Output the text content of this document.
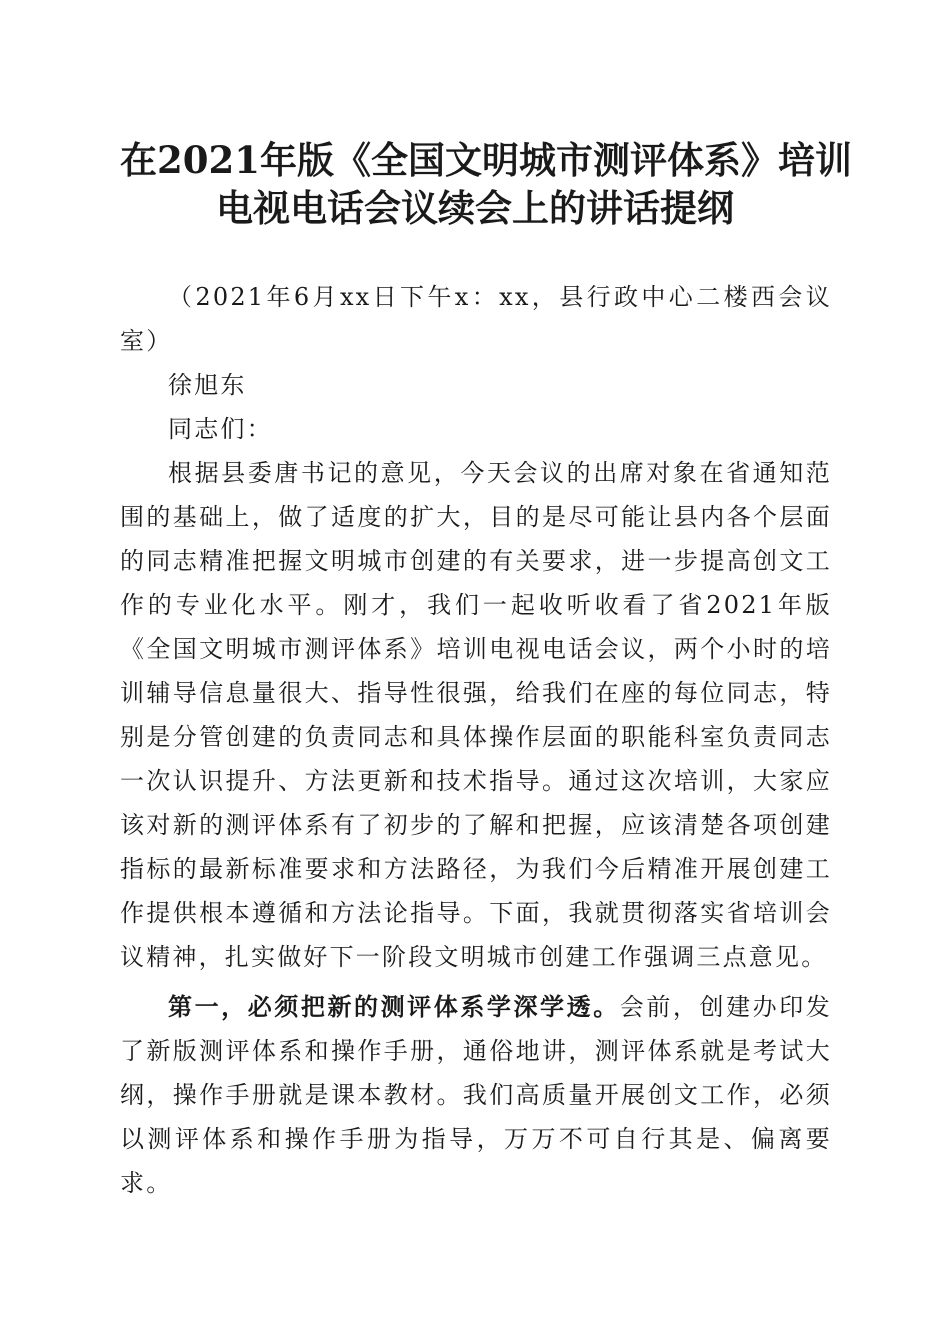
在2021年版《全国文明城市测评体系》培训
电视电话会议续会上的讲话提纲

（2021年6月xx日下午x：xx，县行政中心二楼西会议室）

徐旭东

同志们：

根据县委唐书记的意见，今天会议的出席对象在省通知范围的基础上，做了适度的扩大，目的是尽可能让县内各个层面的同志精准把握文明城市创建的有关要求，进一步提高创文工作的专业化水平。刚才，我们一起收听收看了省2021年版《全国文明城市测评体系》培训电视电话会议，两个小时的培训辅导信息量很大、指导性很强，给我们在座的每位同志，特别是分管创建的负责同志和具体操作层面的职能科室负责同志一次认识提升、方法更新和技术指导。通过这次培训，大家应该对新的测评体系有了初步的了解和把握，应该清楚各项创建指标的最新标准要求和方法路径，为我们今后精准开展创建工作提供根本遵循和方法论指导。下面，我就贯彻落实省培训会议精神，扎实做好下一阶段文明城市创建工作强调三点意见。

第一，必须把新的测评体系学深学透。会前，创建办印发了新版测评体系和操作手册，通俗地讲，测评体系就是考试大纲，操作手册就是课本教材。我们高质量开展创文工作，必须以测评体系和操作手册为指导，万万不可自行其是、偏离要求。
